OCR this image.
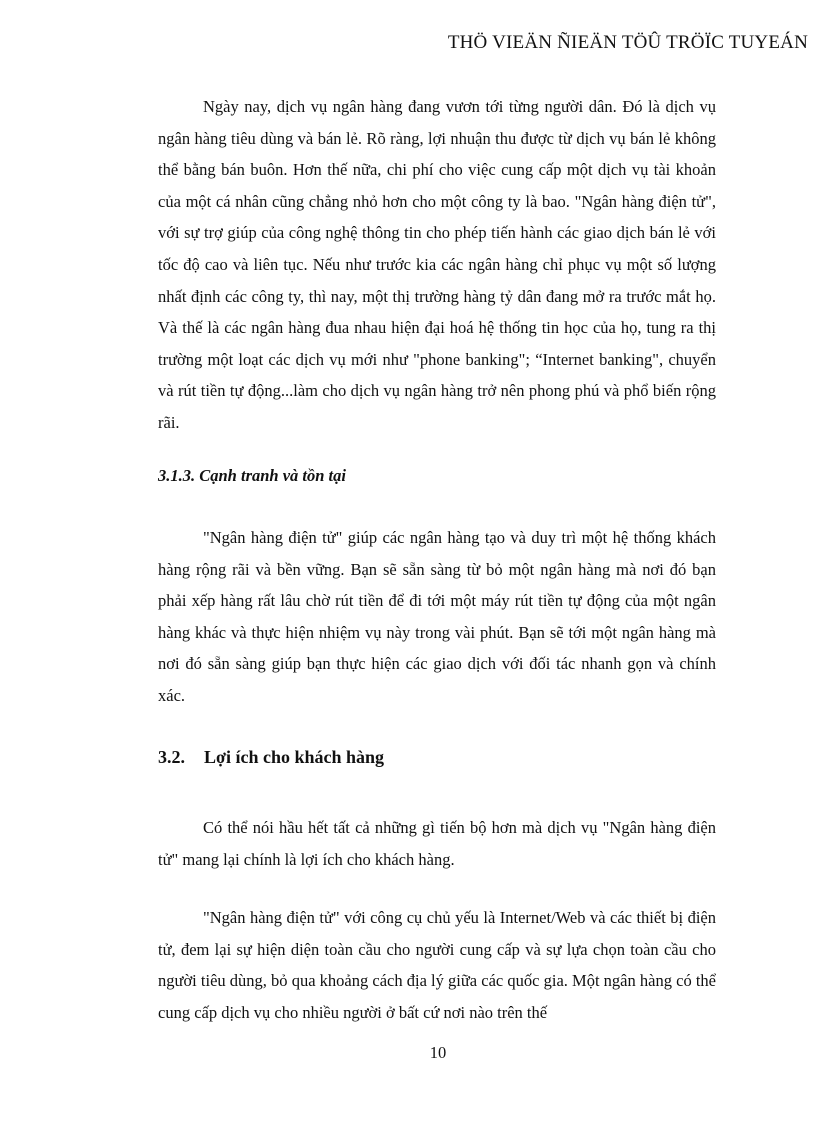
THÖ VIEÄN ÑIEÄN TÖÛ TRÖÏC TUYEÁN

Ngày nay, dịch vụ ngân hàng đang vươn tới từng người dân. Đó là dịch vụ ngân hàng tiêu dùng và bán lẻ. Rõ ràng, lợi nhuận thu được từ dịch vụ bán lẻ không thể bằng bán buôn. Hơn thế nữa, chi phí cho việc cung cấp một dịch vụ tài khoản của một cá nhân cũng chẳng nhỏ hơn cho một công ty là bao. "Ngân hàng điện tử", với sự trợ giúp của công nghệ thông tin cho phép tiến hành các giao dịch bán lẻ với tốc độ cao và liên tục. Nếu như trước kia các ngân hàng chỉ phục vụ một số lượng nhất định các công ty, thì nay, một thị trường hàng tỷ dân đang mở ra trước mắt họ. Và thế là các ngân hàng đua nhau hiện đại hoá hệ thống tin học của họ, tung ra thị trường một loạt các dịch vụ mới như "phone banking"; “Internet banking", chuyển và rút tiền tự động...làm cho dịch vụ ngân hàng trở nên phong phú và phổ biến rộng rãi.

3.1.3. Cạnh tranh và tồn tại

"Ngân hàng điện tử" giúp các ngân hàng tạo và duy trì một hệ thống khách hàng rộng rãi và bền vững. Bạn sẽ sẵn sàng từ bỏ một ngân hàng mà nơi đó bạn phải xếp hàng rất lâu chờ rút tiền để đi tới một máy rút tiền tự động của một ngân hàng khác và thực hiện nhiệm vụ này trong vài phút. Bạn sẽ tới một ngân hàng mà nơi đó sẵn sàng giúp bạn thực hiện các giao dịch với đối tác nhanh gọn và chính xác.

3.2. Lợi ích cho khách hàng

Có thể nói hầu hết tất cả những gì tiến bộ hơn mà dịch vụ "Ngân hàng điện tử" mang lại chính là lợi ích cho khách hàng.

"Ngân hàng điện tử" với công cụ chủ yếu là Internet/Web và các thiết bị điện tử, đem lại sự hiện diện toàn cầu cho người cung cấp và sự lựa chọn toàn cầu cho người tiêu dùng, bỏ qua khoảng cách địa lý giữa các quốc gia. Một ngân hàng có thể cung cấp dịch vụ cho nhiều người ở bất cứ nơi nào trên thế

10
